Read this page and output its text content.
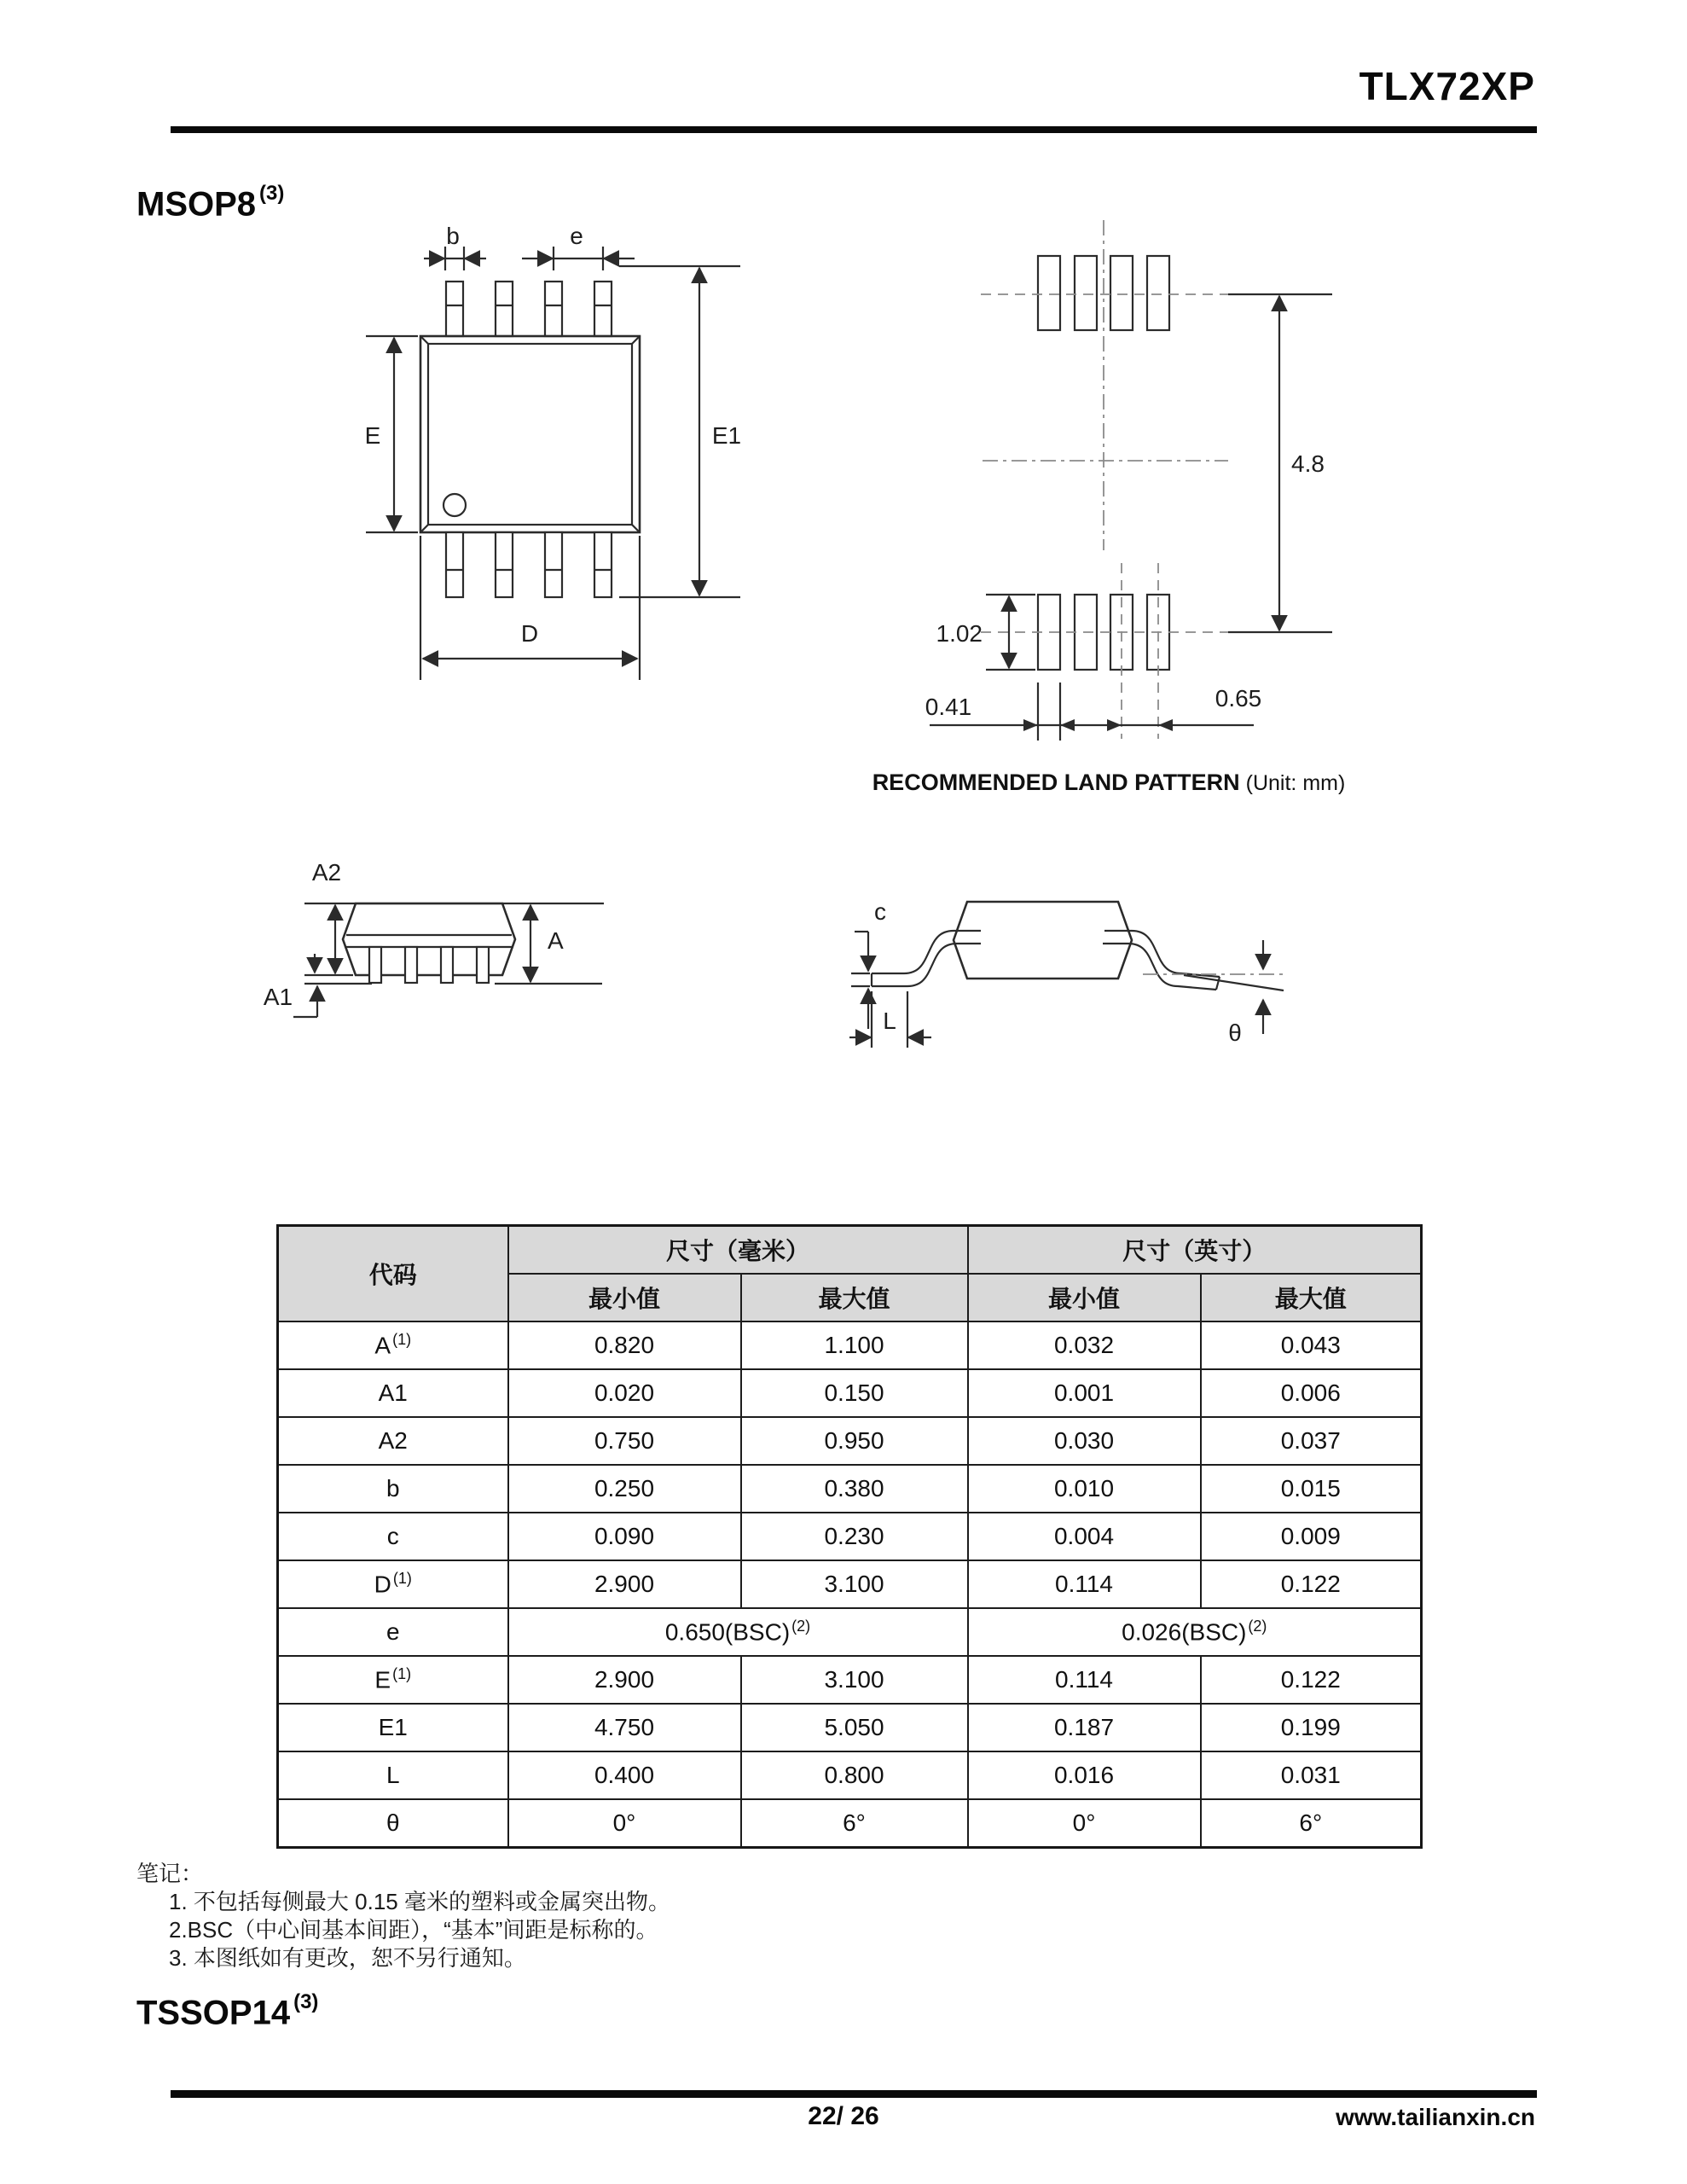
TLX72XP
MSOP8 $^{(3)}$
b	e
E	E1
D
4.8
1.02
0.41	0.65
RECOMMENDED LAND PATTERN (Unit: mm)
A2
A
A1
c
L	θ
代码	尺寸（毫米）		尺寸（英寸）	
	最小值	最大值	最小值	最大值
A $^{(1)}$	0.820	1.100	0.032	0.043
A1	0.020	0.150	0.001	0.006
A2	0.750	0.950	0.030	0.037
b	0.250	0.380	0.010	0.015
c	0.090	0.230	0.004	0.009
D $^{(1)}$	2.900	3.100	0.114	0.122
e	0.650(BSC) $^{(2)}$		0.026(BSC) $^{(2)}$
E $^{(1)}$	2.900	3.100	0.114	0.122
E1	4.750	5.050	0.187	0.199
L	0.400	0.800	0.016	0.031
θ	0°	6°	0°	6°
笔记：
1. 不包括每侧最大 0.15 毫米的塑料或金属突出物。
2.BSC（中心间基本间距），“基本”间距是标称的。
3. 本图纸如有更改，恕不另行通知。
TSSOP14 $^{(3)}$
22/ 26	www.tailianxin.cn
